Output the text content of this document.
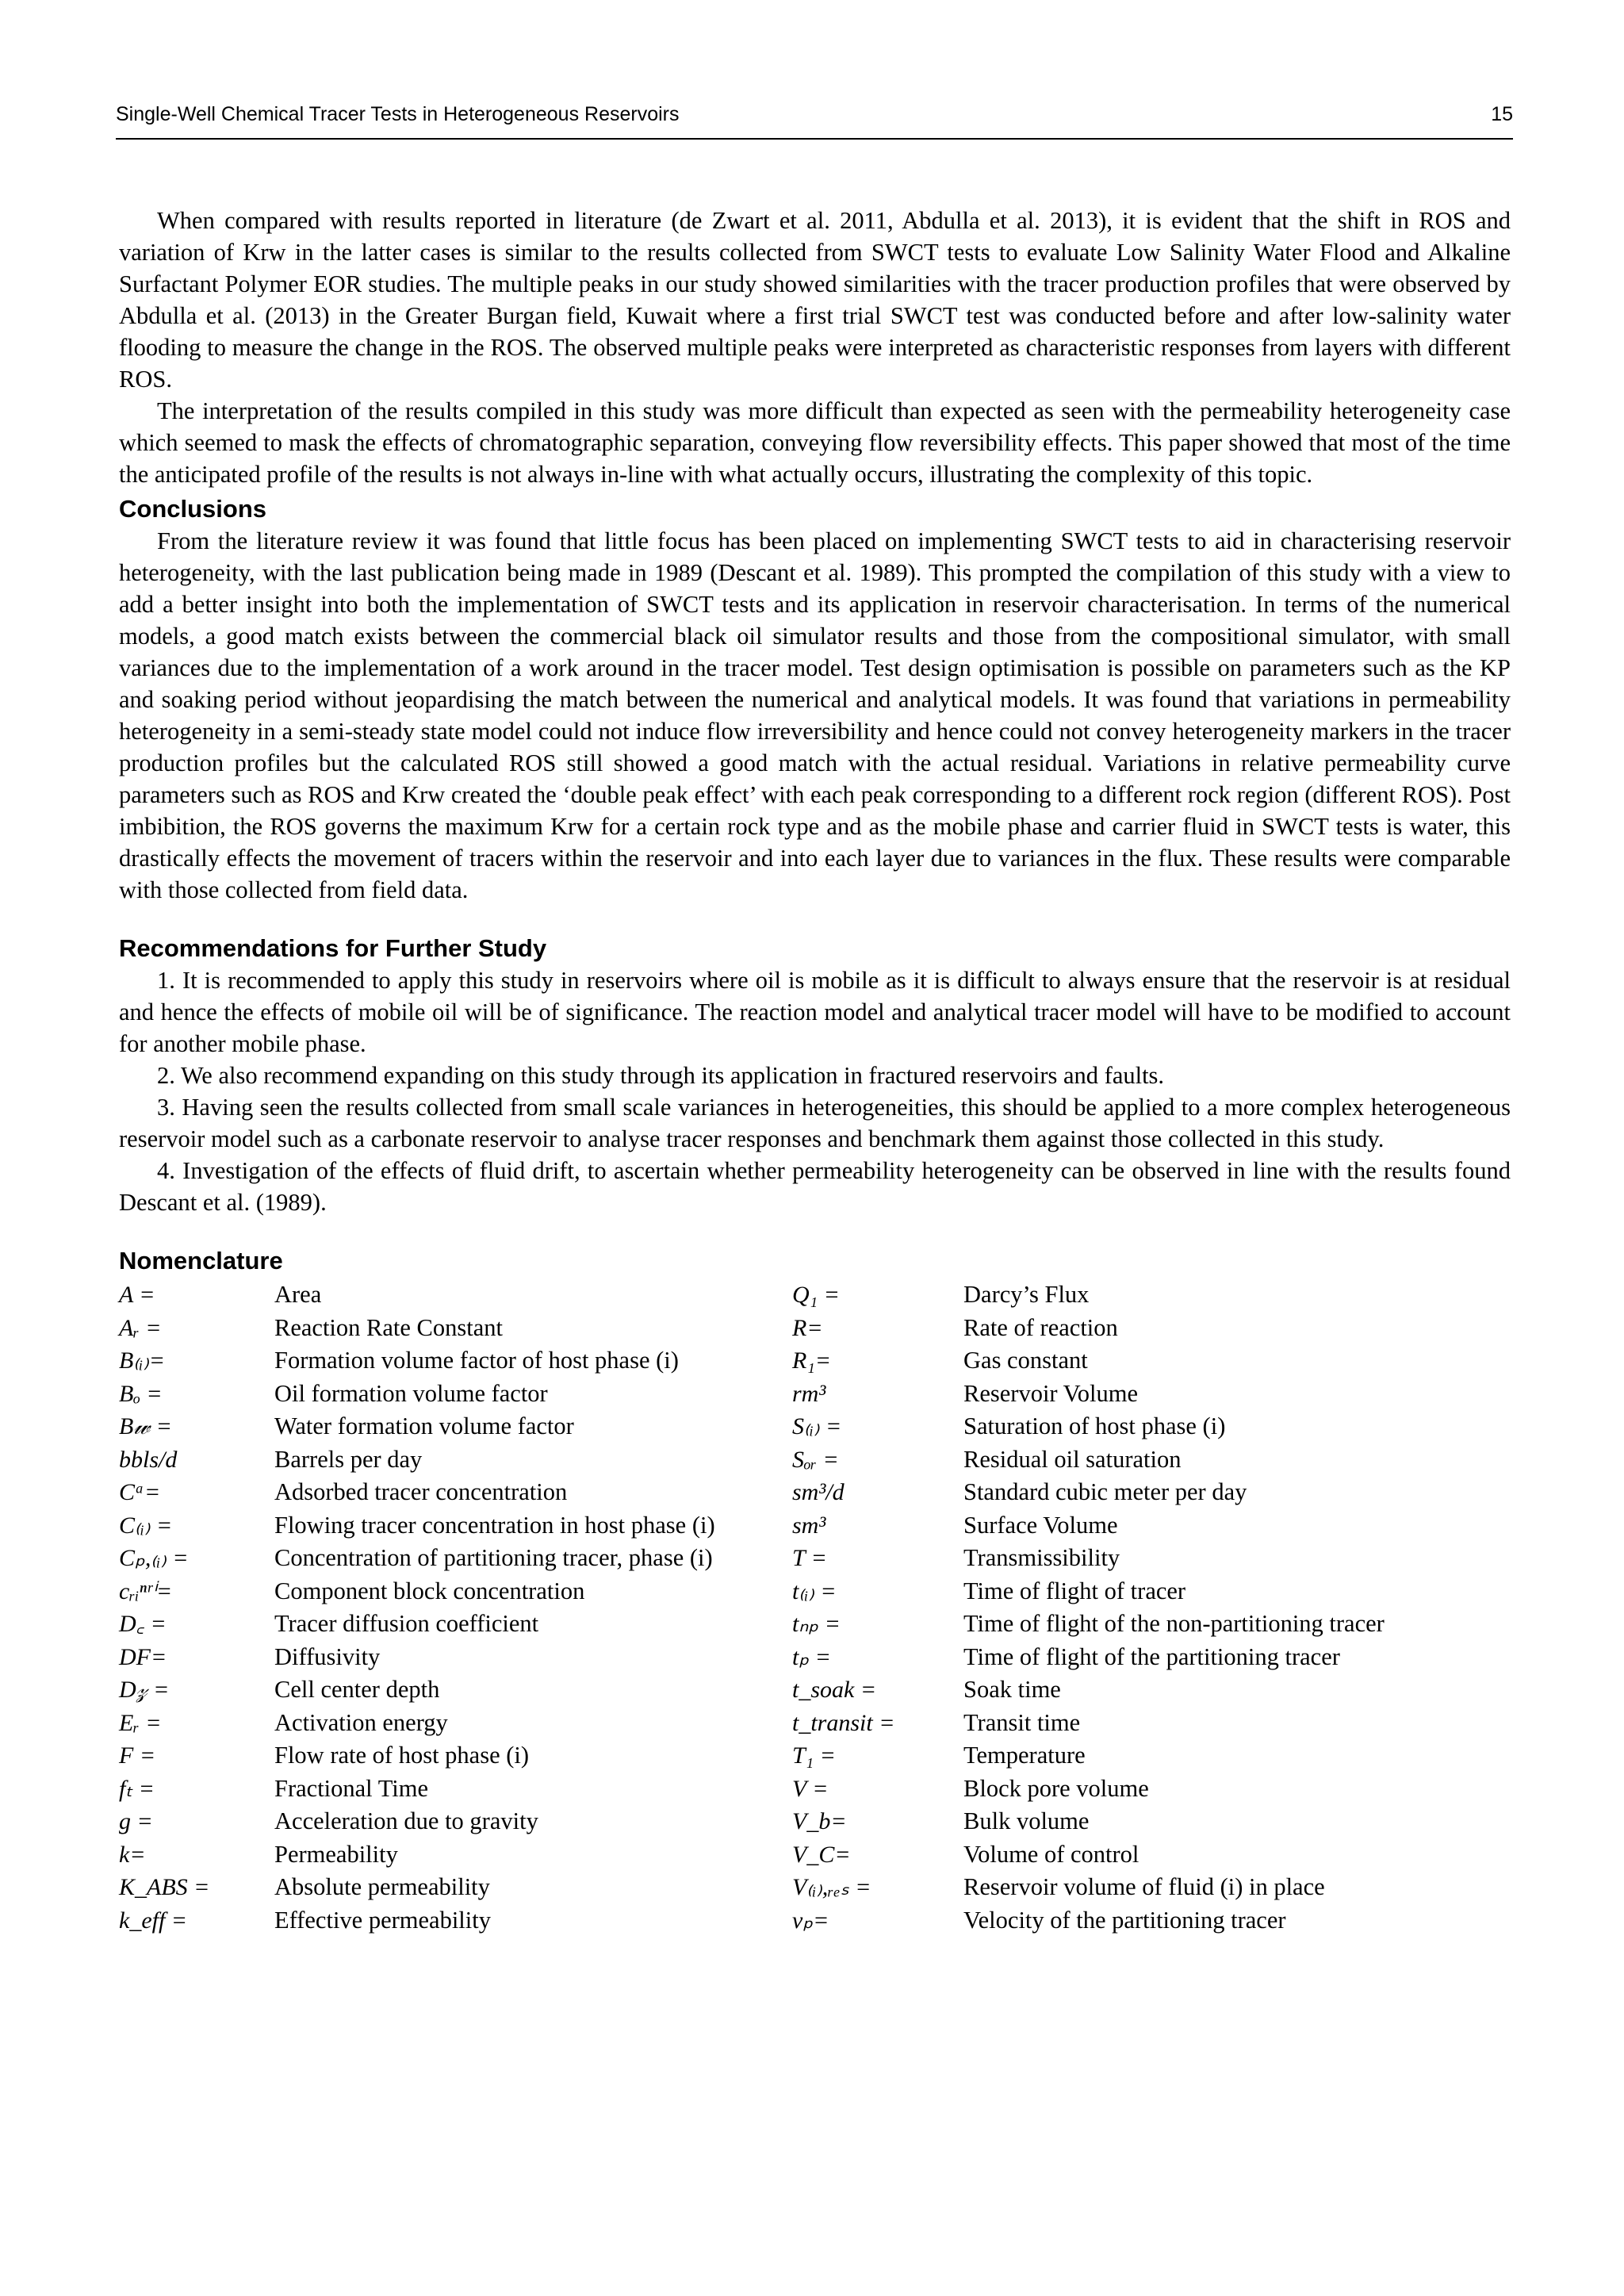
Single-Well Chemical Tracer Tests in Heterogeneous Reservoirs	15

When compared with results reported in literature (de Zwart et al. 2011, Abdulla et al. 2013), it is evident that the shift in ROS and variation of Krw in the latter cases is similar to the results collected from SWCT tests to evaluate Low Salinity Water Flood and Alkaline Surfactant Polymer EOR studies. The multiple peaks in our study showed similarities with the tracer production profiles that were observed by Abdulla et al. (2013) in the Greater Burgan field, Kuwait where a first trial SWCT test was conducted before and after low-salinity water flooding to measure the change in the ROS. The observed multiple peaks were interpreted as characteristic responses from layers with different ROS.

The interpretation of the results compiled in this study was more difficult than expected as seen with the permeability heterogeneity case which seemed to mask the effects of chromatographic separation, conveying flow reversibility effects. This paper showed that most of the time the anticipated profile of the results is not always in-line with what actually occurs, illustrating the complexity of this topic.

Conclusions

From the literature review it was found that little focus has been placed on implementing SWCT tests to aid in characterising reservoir heterogeneity, with the last publication being made in 1989 (Descant et al. 1989). This prompted the compilation of this study with a view to add a better insight into both the implementation of SWCT tests and its application in reservoir characterisation. In terms of the numerical models, a good match exists between the commercial black oil simulator results and those from the compositional simulator, with small variances due to the implementation of a work around in the tracer model. Test design optimisation is possible on parameters such as the KP and soaking period without jeopardising the match between the numerical and analytical models. It was found that variations in permeability heterogeneity in a semi-steady state model could not induce flow irreversibility and hence could not convey heterogeneity markers in the tracer production profiles but the calculated ROS still showed a good match with the actual residual. Variations in relative permeability curve parameters such as ROS and Krw created the ‘double peak effect’ with each peak corresponding to a different rock region (different ROS). Post imbibition, the ROS governs the maximum Krw for a certain rock type and as the mobile phase and carrier fluid in SWCT tests is water, this drastically effects the movement of tracers within the reservoir and into each layer due to variances in the flux. These results were comparable with those collected from field data.

Recommendations for Further Study

1. It is recommended to apply this study in reservoirs where oil is mobile as it is difficult to always ensure that the reservoir is at residual and hence the effects of mobile oil will be of significance. The reaction model and analytical tracer model will have to be modified to account for another mobile phase.

2. We also recommend expanding on this study through its application in fractured reservoirs and faults.

3. Having seen the results collected from small scale variances in heterogeneities, this should be applied to a more complex heterogeneous reservoir model such as a carbonate reservoir to analyse tracer responses and benchmark them against those collected in this study.

4. Investigation of the effects of fluid drift, to ascertain whether permeability heterogeneity can be observed in line with the results found Descant et al. (1989).

Nomenclature
A =	Area
Aᵣ =	Reaction Rate Constant
B₍ᵢ₎=	Formation volume factor of host phase (i)
Bₒ =	Oil formation volume factor
B𝓌 =	Water formation volume factor
bbls/d	Barrels per day
Cᵃ=	Adsorbed tracer concentration
C₍ᵢ₎ =	Flowing tracer concentration in host phase (i)
Cₚ,₍ᵢ₎ =	Concentration of partitioning tracer, phase (i)
cᵣᵢⁿʳⁱ=	Component block concentration
D꜀ =	Tracer diffusion coefficient
DF=	Diffusivity
D𝓏 =	Cell center depth
Eᵣ =	Activation energy
F =	Flow rate of host phase (i)
fₜ =	Fractional Time
g =	Acceleration due to gravity
k=	Permeability
K_ABS =	Absolute permeability
k_eff =	Effective permeability
Q₁ =	Darcy’s Flux
R=	Rate of reaction
R₁=	Gas constant
rm³	Reservoir Volume
S₍ᵢ₎ =	Saturation of host phase (i)
Sₒᵣ =	Residual oil saturation
sm³/d	Standard cubic meter per day
sm³	Surface Volume
T =	Transmissibility
t₍ᵢ₎ =	Time of flight of tracer
tₙₚ =	Time of flight of the non-partitioning tracer
tₚ =	Time of flight of the partitioning tracer
t_soak =	Soak time
t_transit =	Transit time
T₁ =	Temperature
V =	Block pore volume
V_b=	Bulk volume
V_C=	Volume of control
V₍ᵢ₎,ᵣₑₛ =	Reservoir volume of fluid (i) in place
vₚ=	Velocity of the partitioning tracer
